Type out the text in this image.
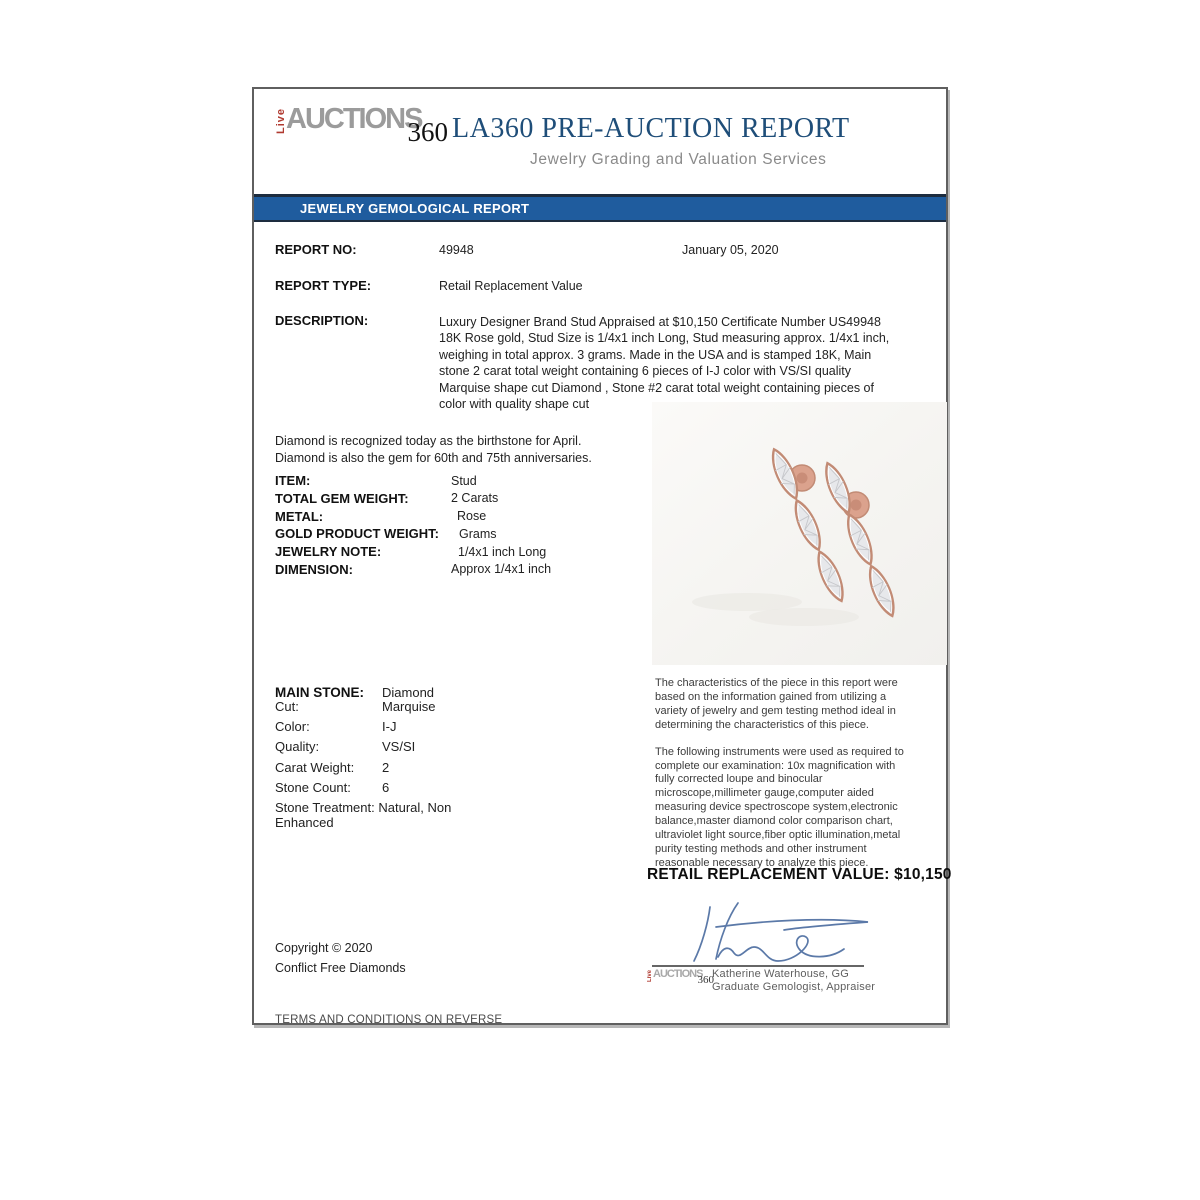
Live AUCTIONS
360 LA360 PRE-AUCTION REPORT
Jewelry Grading and Valuation Services
JEWELRY GEMOLOGICAL REPORT
REPORT NO:	49948	January 05, 2020
REPORT TYPE:	Retail Replacement Value
DESCRIPTION:	Luxury Designer Brand Stud Appraised at $10,150 Certificate Number US49948 18K Rose gold, Stud Size is 1/4x1 inch Long, Stud measuring approx. 1/4x1 inch, weighing in total approx. 3 grams. Made in the USA and is stamped 18K, Main stone 2 carat total weight containing 6 pieces of I-J color with VS/SI quality Marquise shape cut Diamond , Stone #2 carat total weight containing pieces of color with quality shape cut
Diamond is recognized today as the birthstone for April.
Diamond is also the gem for 60th and 75th anniversaries.
ITEM:	Stud
TOTAL GEM WEIGHT:	2 Carats
METAL:	Rose
GOLD PRODUCT WEIGHT: Grams
JEWELRY NOTE:	1/4x1 inch Long
DIMENSION:	Approx 1/4x1 inch
MAIN STONE: Diamond
Cut:	Marquise
Color:	I-J
Quality:	VS/SI
Carat Weight: 2
Stone Count: 6
Stone Treatment: Natural, Non Enhanced

The characteristics of the piece in this report were based on the information gained from utilizing a variety of jewelry and gem testing method ideal in determining the characteristics of this piece.

The following instruments were used as required to complete our examination: 10x magnification with fully corrected loupe and binocular microscope,millimeter gauge,computer aided measuring device spectroscope system,electronic balance,master diamond color comparison chart, ultraviolet light source,fiber optic illumination,metal purity testing methods and other instrument reasonable necessary to analyze this piece.

RETAIL REPLACEMENT VALUE: $10,150
Live AUCTIONS
360
Katherine Waterhouse, GG
Graduate Gemologist, Appraiser
Copyright © 2020
Conflict Free Diamonds
TERMS AND CONDITIONS ON REVERSE
